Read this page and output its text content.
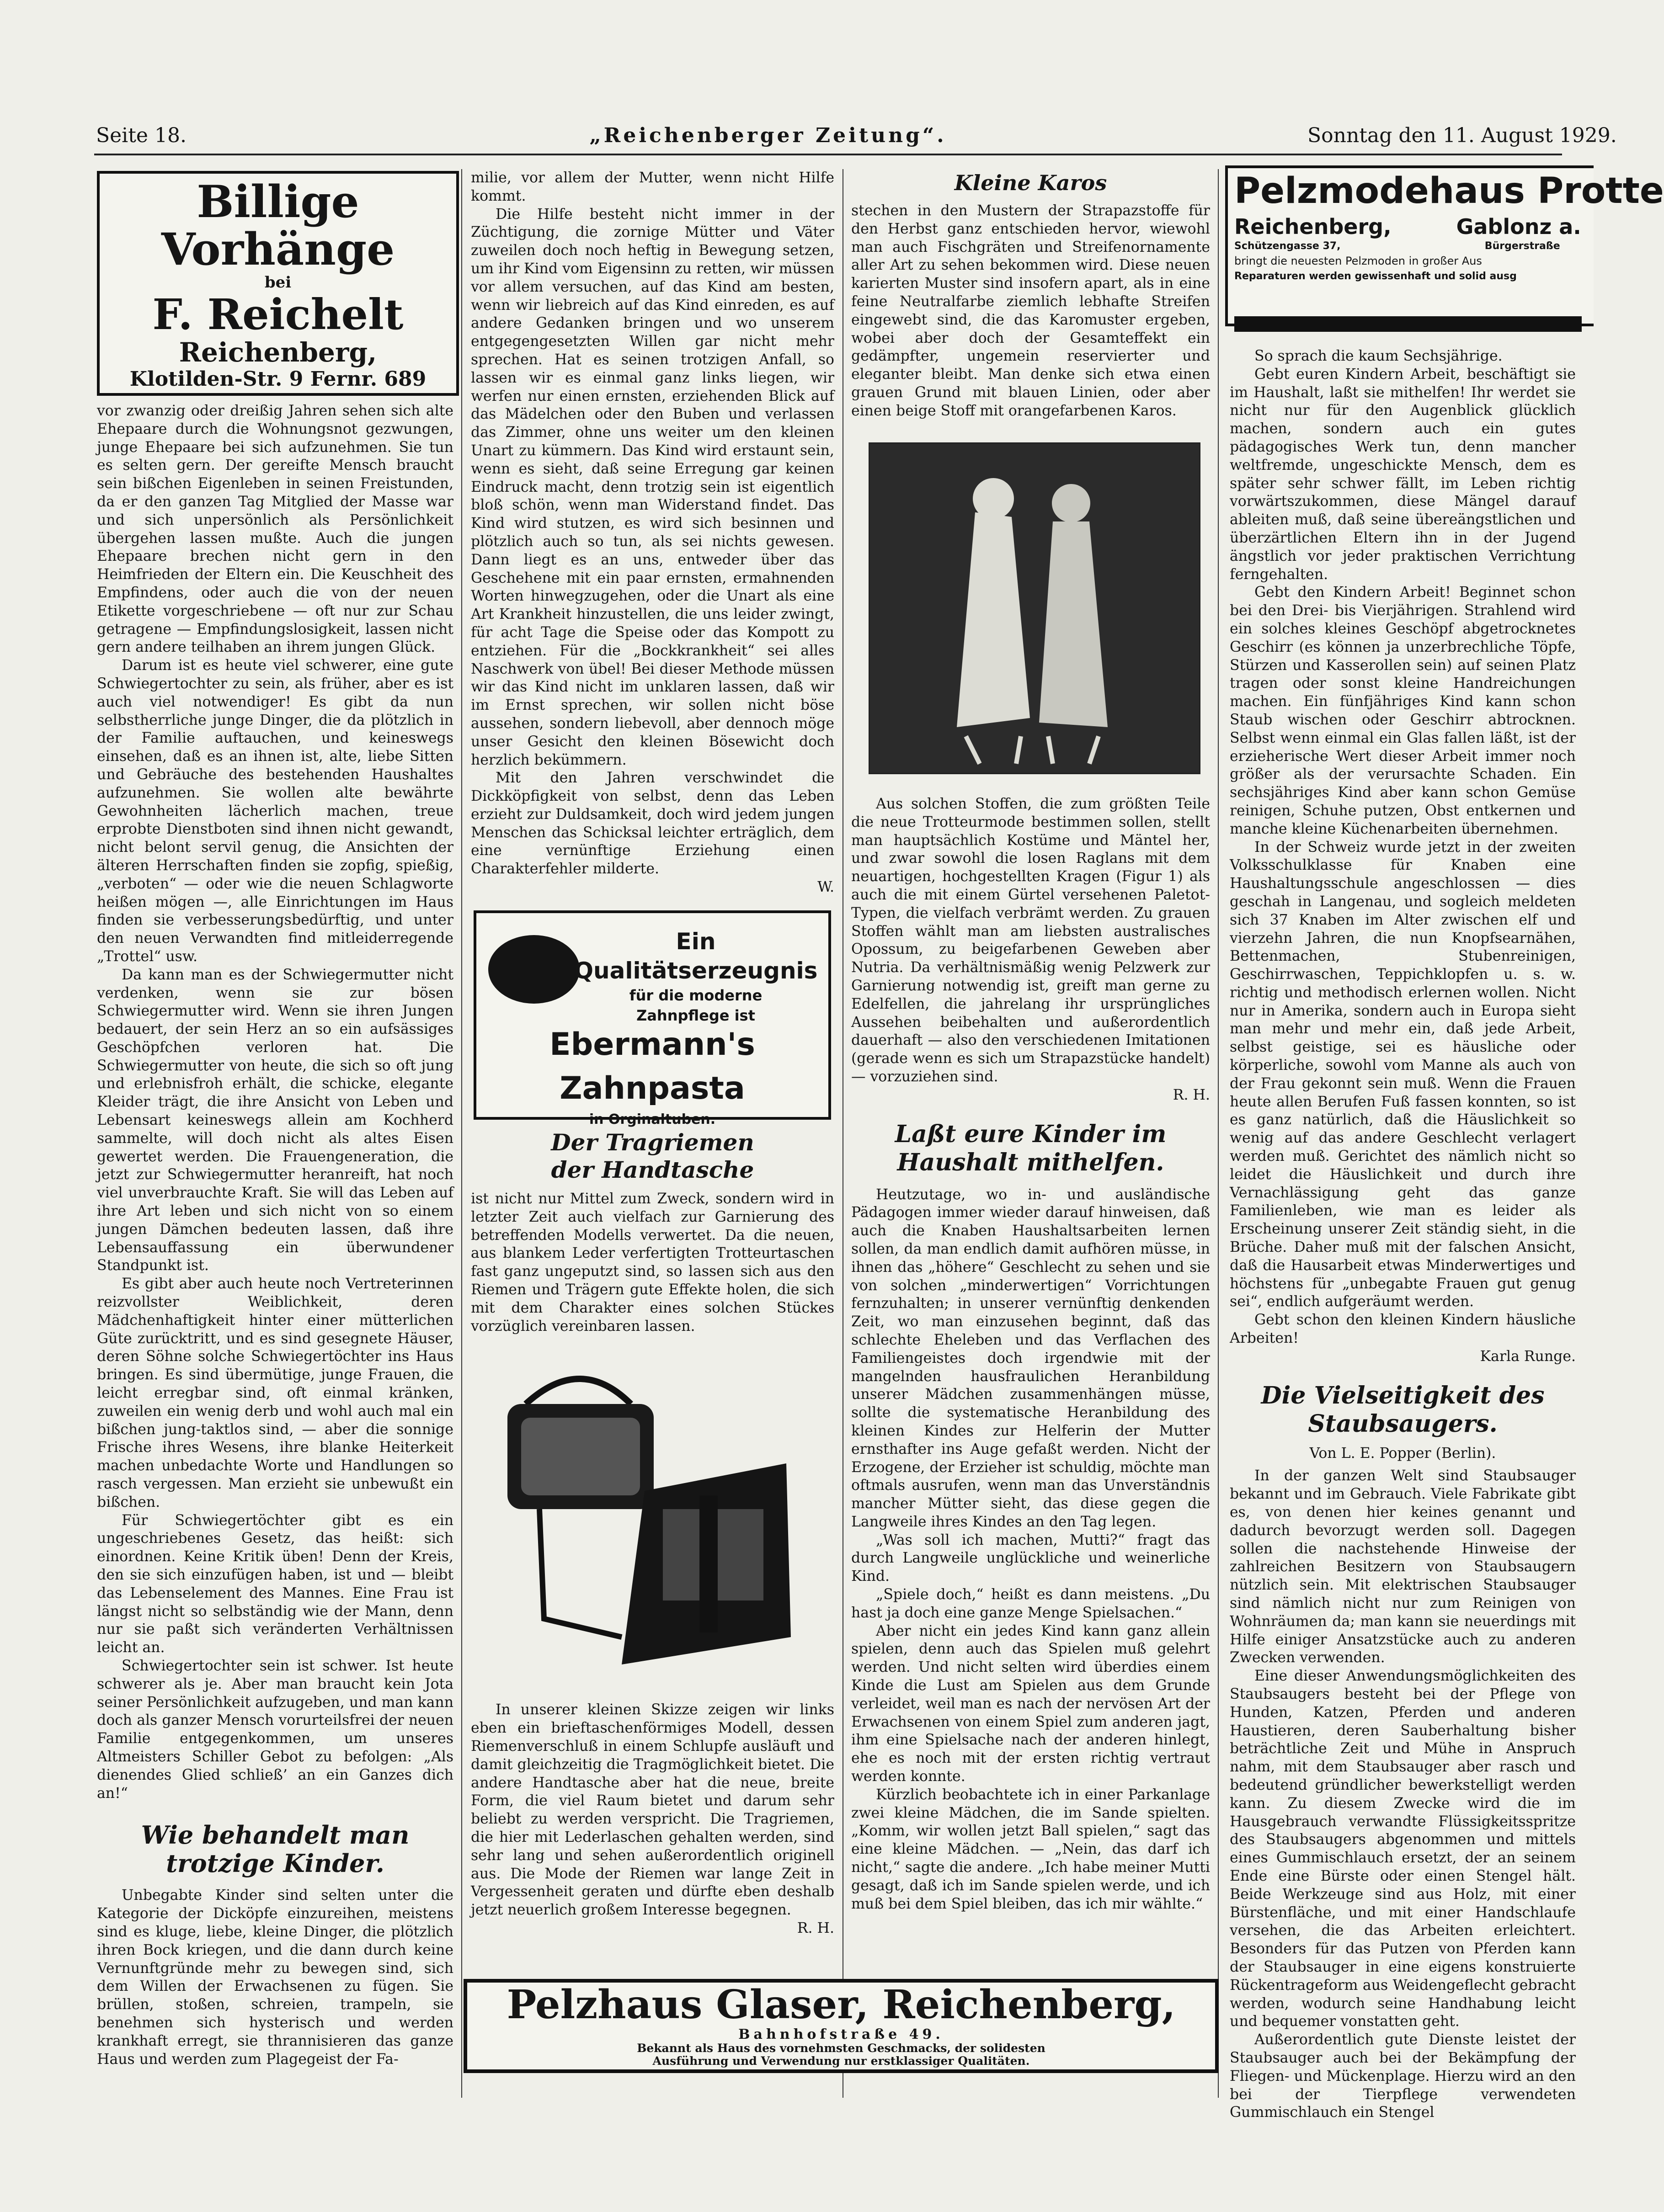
Seite 18.	„Reichenberger Zeitung“.	Sonntag den 11. August 1929.
Billige
Vorhänge
bei
F. Reichelt
Reichenberg,
Klotilden-Str. 9 Fernr. 689

vor zwanzig oder dreißig Jahren sehen sich alte Ehepaare durch die Wohnungsnot gezwungen, junge Ehepaare bei sich aufzunehmen. Sie tun es selten gern. Der gereifte Mensch braucht sein bißchen Eigenleben in seinen Freistunden, da er den ganzen Tag Mitglied der Masse war und sich unpersönlich als Persönlichkeit übergehen lassen mußte. Auch die jungen Ehepaare brechen nicht gern in den Heimfrieden der Eltern ein. Die Keuschheit des Empfindens, oder auch die von der neuen Etikette vorgeschriebene — oft nur zur Schau getragene — Empfindungslosigkeit, lassen nicht gern andere teilhaben an ihrem jungen Glück.

Darum ist es heute viel schwerer, eine gute Schwiegertochter zu sein, als früher, aber es ist auch viel notwendiger! Es gibt da nun selbstherrliche junge Dinger, die da plötzlich in der Familie auftauchen, und keineswegs einsehen, daß es an ihnen ist, alte, liebe Sitten und Gebräuche des bestehenden Haushaltes aufzunehmen. Sie wollen alte bewährte Gewohnheiten lächerlich machen, treue erprobte Dienstboten sind ihnen nicht gewandt, nicht belont servil genug, die Ansichten der älteren Herrschaften finden sie zopfig, spießig, „verboten“ — oder wie die neuen Schlagworte heißen mögen —, alle Einrichtungen im Haus finden sie verbesserungsbedürftig, und unter den neuen Verwandten find mitleiderregende „Trottel“ usw.

Da kann man es der Schwiegermutter nicht verdenken, wenn sie zur bösen Schwiegermutter wird. Wenn sie ihren Jungen bedauert, der sein Herz an so ein aufsässiges Geschöpfchen verloren hat. Die Schwiegermutter von heute, die sich so oft jung und erlebnisfroh erhält, die schicke, elegante Kleider trägt, die ihre Ansicht von Leben und Lebensart keineswegs allein am Kochherd sammelte, will doch nicht als altes Eisen gewertet werden. Die Frauengeneration, die jetzt zur Schwiegermutter heranreift, hat noch viel unverbrauchte Kraft. Sie will das Leben auf ihre Art leben und sich nicht von so einem jungen Dämchen bedeuten lassen, daß ihre Lebensauffassung ein überwundener Standpunkt ist.

Es gibt aber auch heute noch Vertreterinnen reizvollster Weiblichkeit, deren Mädchenhaftigkeit hinter einer mütterlichen Güte zurücktritt, und es sind gesegnete Häuser, deren Söhne solche Schwiegertöchter ins Haus bringen. Es sind übermütige, junge Frauen, die leicht erregbar sind, oft einmal kränken, zuweilen ein wenig derb und wohl auch mal ein bißchen jung-taktlos sind, — aber die sonnige Frische ihres Wesens, ihre blanke Heiterkeit machen unbedachte Worte und Handlungen so rasch vergessen. Man erzieht sie unbewußt ein bißchen.

Für Schwiegertöchter gibt es ein ungeschriebenes Gesetz, das heißt: sich einordnen. Keine Kritik üben! Denn der Kreis, den sie sich einzufügen haben, ist und — bleibt das Lebenselement des Mannes. Eine Frau ist längst nicht so selbständig wie der Mann, denn nur sie paßt sich veränderten Verhältnissen leicht an.

Schwiegertochter sein ist schwer. Ist heute schwerer als je. Aber man braucht kein Jota seiner Persönlichkeit aufzugeben, und man kann doch als ganzer Mensch vorurteilsfrei der neuen Familie entgegenkommen, um unseres Altmeisters Schiller Gebot zu befolgen: „Als dienendes Glied schließ’ an ein Ganzes dich an!“

Wie behandelt man
trotzige Kinder.

Unbegabte Kinder sind selten unter die Kategorie der Dicköpfe einzureihen, meistens sind es kluge, liebe, kleine Dinger, die plötzlich ihren Bock kriegen, und die dann durch keine Vernunftgründe mehr zu bewegen sind, sich dem Willen der Erwachsenen zu fügen. Sie brüllen, stoßen, schreien, trampeln, sie benehmen sich hysterisch und werden krankhaft erregt, sie thrannisieren das ganze Haus und werden zum Plagegeist der Fa-

milie, vor allem der Mutter, wenn nicht Hilfe kommt.

Die Hilfe besteht nicht immer in der Züchtigung, die zornige Mütter und Väter zuweilen doch noch heftig in Bewegung setzen, um ihr Kind vom Eigensinn zu retten, wir müssen vor allem versuchen, auf das Kind am besten, wenn wir liebreich auf das Kind einreden, es auf andere Gedanken bringen und wo unserem entgegengesetzten Willen gar nicht mehr sprechen. Hat es seinen trotzigen Anfall, so lassen wir es einmal ganz links liegen, wir werfen nur einen ernsten, erziehenden Blick auf das Mädelchen oder den Buben und verlassen das Zimmer, ohne uns weiter um den kleinen Unart zu kümmern. Das Kind wird erstaunt sein, wenn es sieht, daß seine Erregung gar keinen Eindruck macht, denn trotzig sein ist eigentlich bloß schön, wenn man Widerstand findet. Das Kind wird stutzen, es wird sich besinnen und plötzlich auch so tun, als sei nichts gewesen. Dann liegt es an uns, entweder über das Geschehene mit ein paar ernsten, ermahnenden Worten hinwegzugehen, oder die Unart als eine Art Krankheit hinzustellen, die uns leider zwingt, für acht Tage die Speise oder das Kompott zu entziehen. Für die „Bockkrankheit“ sei alles Naschwerk von übel! Bei dieser Methode müssen wir das Kind nicht im unklaren lassen, daß wir im Ernst sprechen, wir sollen nicht böse aussehen, sondern liebevoll, aber dennoch möge unser Gesicht den kleinen Bösewicht doch herzlich bekümmern.

Mit den Jahren verschwindet die Dickköpfigkeit von selbst, denn das Leben erzieht zur Duldsamkeit, doch wird jedem jungen Menschen das Schicksal leichter erträglich, dem eine vernünftige Erziehung einen Charakterfehler milderte.

W.
Ein Qualitätserzeugnis
für die moderne
Zahnpflege ist
Ebermann's Zahnpasta
in Orginaltuben.
Der Tragriemen
der Handtasche

ist nicht nur Mittel zum Zweck, sondern wird in letzter Zeit auch vielfach zur Garnierung des betreffenden Modells verwertet. Da die neuen, aus blankem Leder verfertigten Trotteurtaschen fast ganz ungeputzt sind, so lassen sich aus den Riemen und Trägern gute Effekte holen, die sich mit dem Charakter eines solchen Stückes vorzüglich vereinbaren lassen.

In unserer kleinen Skizze zeigen wir links eben ein brieftaschenförmiges Modell, dessen Riemenverschluß in einem Schlupfe ausläuft und damit gleichzeitig die Tragmöglichkeit bietet. Die andere Handtasche aber hat die neue, breite Form, die viel Raum bietet und darum sehr beliebt zu werden verspricht. Die Tragriemen, die hier mit Lederlaschen gehalten werden, sind sehr lang und sehen außerordentlich originell aus. Die Mode der Riemen war lange Zeit in Vergessenheit geraten und dürfte eben deshalb jetzt neuerlich großem Interesse begegnen.

R. H.
Kleine Karos

stechen in den Mustern der Strapazstoffe für den Herbst ganz entschieden hervor, wiewohl man auch Fischgräten und Streifenornamente aller Art zu sehen bekommen wird. Diese neuen karierten Muster sind insofern apart, als in eine feine Neutralfarbe ziemlich lebhafte Streifen eingewebt sind, die das Karomuster ergeben, wobei aber doch der Gesamteffekt ein gedämpfter, ungemein reservierter und eleganter bleibt. Man denke sich etwa einen grauen Grund mit blauen Linien, oder aber einen beige Stoff mit orangefarbenen Karos.

Aus solchen Stoffen, die zum größten Teile die neue Trotteurmode bestimmen sollen, stellt man hauptsächlich Kostüme und Mäntel her, und zwar sowohl die losen Raglans mit dem neuartigen, hochgestellten Kragen (Figur 1) als auch die mit einem Gürtel versehenen Paletot-Typen, die vielfach verbrämt werden. Zu grauen Stoffen wählt man am liebsten australisches Opossum, zu beigefarbenen Geweben aber Nutria. Da verhältnismäßig wenig Pelzwerk zur Garnierung notwendig ist, greift man gerne zu Edelfellen, die jahrelang ihr ursprüngliches Aussehen beibehalten und außerordentlich dauerhaft — also den verschiedenen Imitationen (gerade wenn es sich um Strapazstücke handelt) — vorzuziehen sind.

R. H.
Laßt eure Kinder im
Haushalt mithelfen.

Heutzutage, wo in- und ausländische Pädagogen immer wieder darauf hinweisen, daß auch die Knaben Haushaltsarbeiten lernen sollen, da man endlich damit aufhören müsse, in ihnen das „höhere“ Geschlecht zu sehen und sie von solchen „minderwertigen“ Vorrichtungen fernzuhalten; in unserer vernünftig denkenden Zeit, wo man einzusehen beginnt, daß das schlechte Eheleben und das Verflachen des Familiengeistes doch irgendwie mit der mangelnden hausfraulichen Heranbildung unserer Mädchen zusammenhängen müsse, sollte die systematische Heranbildung des kleinen Kindes zur Helferin der Mutter ernsthafter ins Auge gefaßt werden. Nicht der Erzogene, der Erzieher ist schuldig, möchte man oftmals ausrufen, wenn man das Unverständnis mancher Mütter sieht, das diese gegen die Langweile ihres Kindes an den Tag legen.

„Was soll ich machen, Mutti?“ fragt das durch Langweile unglückliche und weinerliche Kind.

„Spiele doch,“ heißt es dann meistens. „Du hast ja doch eine ganze Menge Spielsachen.“

Aber nicht ein jedes Kind kann ganz allein spielen, denn auch das Spielen muß gelehrt werden. Und nicht selten wird überdies einem Kinde die Lust am Spielen aus dem Grunde verleidet, weil man es nach der nervösen Art der Erwachsenen von einem Spiel zum anderen jagt, ihm eine Spielsache nach der anderen hinlegt, ehe es noch mit der ersten richtig vertraut werden konnte.

Kürzlich beobachtete ich in einer Parkanlage zwei kleine Mädchen, die im Sande spielten. „Komm, wir wollen jetzt Ball spielen,“ sagt das eine kleine Mädchen. — „Nein, das darf ich nicht,“ sagte die andere. „Ich habe meiner Mutti gesagt, daß ich im Sande spielen werde, und ich muß bei dem Spiel bleiben, das ich mir wählte.“

Pelzmodehaus Protte
Reichenberg,	Gablonz a.
Schützengasse 37,	Bürgerstraße
bringt die neuesten Pelzmoden in großer Aus
Reparaturen werden gewissenhaft und solid ausg

So sprach die kaum Sechsjährige.

Gebt euren Kindern Arbeit, beschäftigt sie im Haushalt, laßt sie mithelfen! Ihr werdet sie nicht nur für den Augenblick glücklich machen, sondern auch ein gutes pädagogisches Werk tun, denn mancher weltfremde, ungeschickte Mensch, dem es später sehr schwer fällt, im Leben richtig vorwärtszukommen, diese Mängel darauf ableiten muß, daß seine übereängstlichen und überzärtlichen Eltern ihn in der Jugend ängstlich vor jeder praktischen Verrichtung ferngehalten.

Gebt den Kindern Arbeit! Beginnet schon bei den Drei- bis Vierjährigen. Strahlend wird ein solches kleines Geschöpf abgetrocknetes Geschirr (es können ja unzerbrechliche Töpfe, Stürzen und Kasserollen sein) auf seinen Platz tragen oder sonst kleine Handreichungen machen. Ein fünfjähriges Kind kann schon Staub wischen oder Geschirr abtrocknen. Selbst wenn einmal ein Glas fallen läßt, ist der erzieherische Wert dieser Arbeit immer noch größer als der verursachte Schaden. Ein sechsjähriges Kind aber kann schon Gemüse reinigen, Schuhe putzen, Obst entkernen und manche kleine Küchenarbeiten übernehmen.

In der Schweiz wurde jetzt in der zweiten Volksschulklasse für Knaben eine Haushaltungsschule angeschlossen — dies geschah in Langenau, und sogleich meldeten sich 37 Knaben im Alter zwischen elf und vierzehn Jahren, die nun Knopfsearnähen, Bettenmachen, Stubenreinigen, Geschirrwaschen, Teppichklopfen u. s. w. richtig und methodisch erlernen wollen. Nicht nur in Amerika, sondern auch in Europa sieht man mehr und mehr ein, daß jede Arbeit, selbst geistige, sei es häusliche oder körperliche, sowohl vom Manne als auch von der Frau gekonnt sein muß. Wenn die Frauen heute allen Berufen Fuß fassen konnten, so ist es ganz natürlich, daß die Häuslichkeit so wenig auf das andere Geschlecht verlagert werden muß. Gerichtet des nämlich nicht so leidet die Häuslichkeit und durch ihre Vernachlässigung geht das ganze Familienleben, wie man es leider als Erscheinung unserer Zeit ständig sieht, in die Brüche. Daher muß mit der falschen Ansicht, daß die Hausarbeit etwas Minderwertiges und höchstens für „unbegabte Frauen gut genug sei“, endlich aufgeräumt werden.

Gebt schon den kleinen Kindern häusliche Arbeiten!

Karla Runge.
Die Vielseitigkeit des
Staubsaugers.
Von L. E. Popper (Berlin).

In der ganzen Welt sind Staubsauger bekannt und im Gebrauch. Viele Fabrikate gibt es, von denen hier keines genannt und dadurch bevorzugt werden soll. Dagegen sollen die nachstehende Hinweise der zahlreichen Besitzern von Staubsaugern nützlich sein. Mit elektrischen Staubsauger sind nämlich nicht nur zum Reinigen von Wohnräumen da; man kann sie neuerdings mit Hilfe einiger Ansatzstücke auch zu anderen Zwecken verwenden.

Eine dieser Anwendungsmöglichkeiten des Staubsaugers besteht bei der Pflege von Hunden, Katzen, Pferden und anderen Haustieren, deren Sauberhaltung bisher beträchtliche Zeit und Mühe in Anspruch nahm, mit dem Staubsauger aber rasch und bedeutend gründlicher bewerkstelligt werden kann. Zu diesem Zwecke wird die im Hausgebrauch verwandte Flüssigkeitsspritze des Staubsaugers abgenommen und mittels eines Gummischlauch ersetzt, der an seinem Ende eine Bürste oder einen Stengel hält. Beide Werkzeuge sind aus Holz, mit einer Bürstenfläche, und mit einer Handschlaufe versehen, die das Arbeiten erleichtert. Besonders für das Putzen von Pferden kann der Staubsauger in eine eigens konstruierte Rückentrageform aus Weidengeflecht gebracht werden, wodurch seine Handhabung leicht und bequemer vonstatten geht.

Außerordentlich gute Dienste leistet der Staubsauger auch bei der Bekämpfung der Fliegen- und Mückenplage. Hierzu wird an den bei der Tierpflege verwendeten Gummischlauch ein Stengel

Pelzhaus Glaser, Reichenberg,
Bahnhofstraße 49.
Bekannt als Haus des vornehmsten Geschmacks, der solidesten
Ausführung und Verwendung nur erstklassiger Qualitäten.
